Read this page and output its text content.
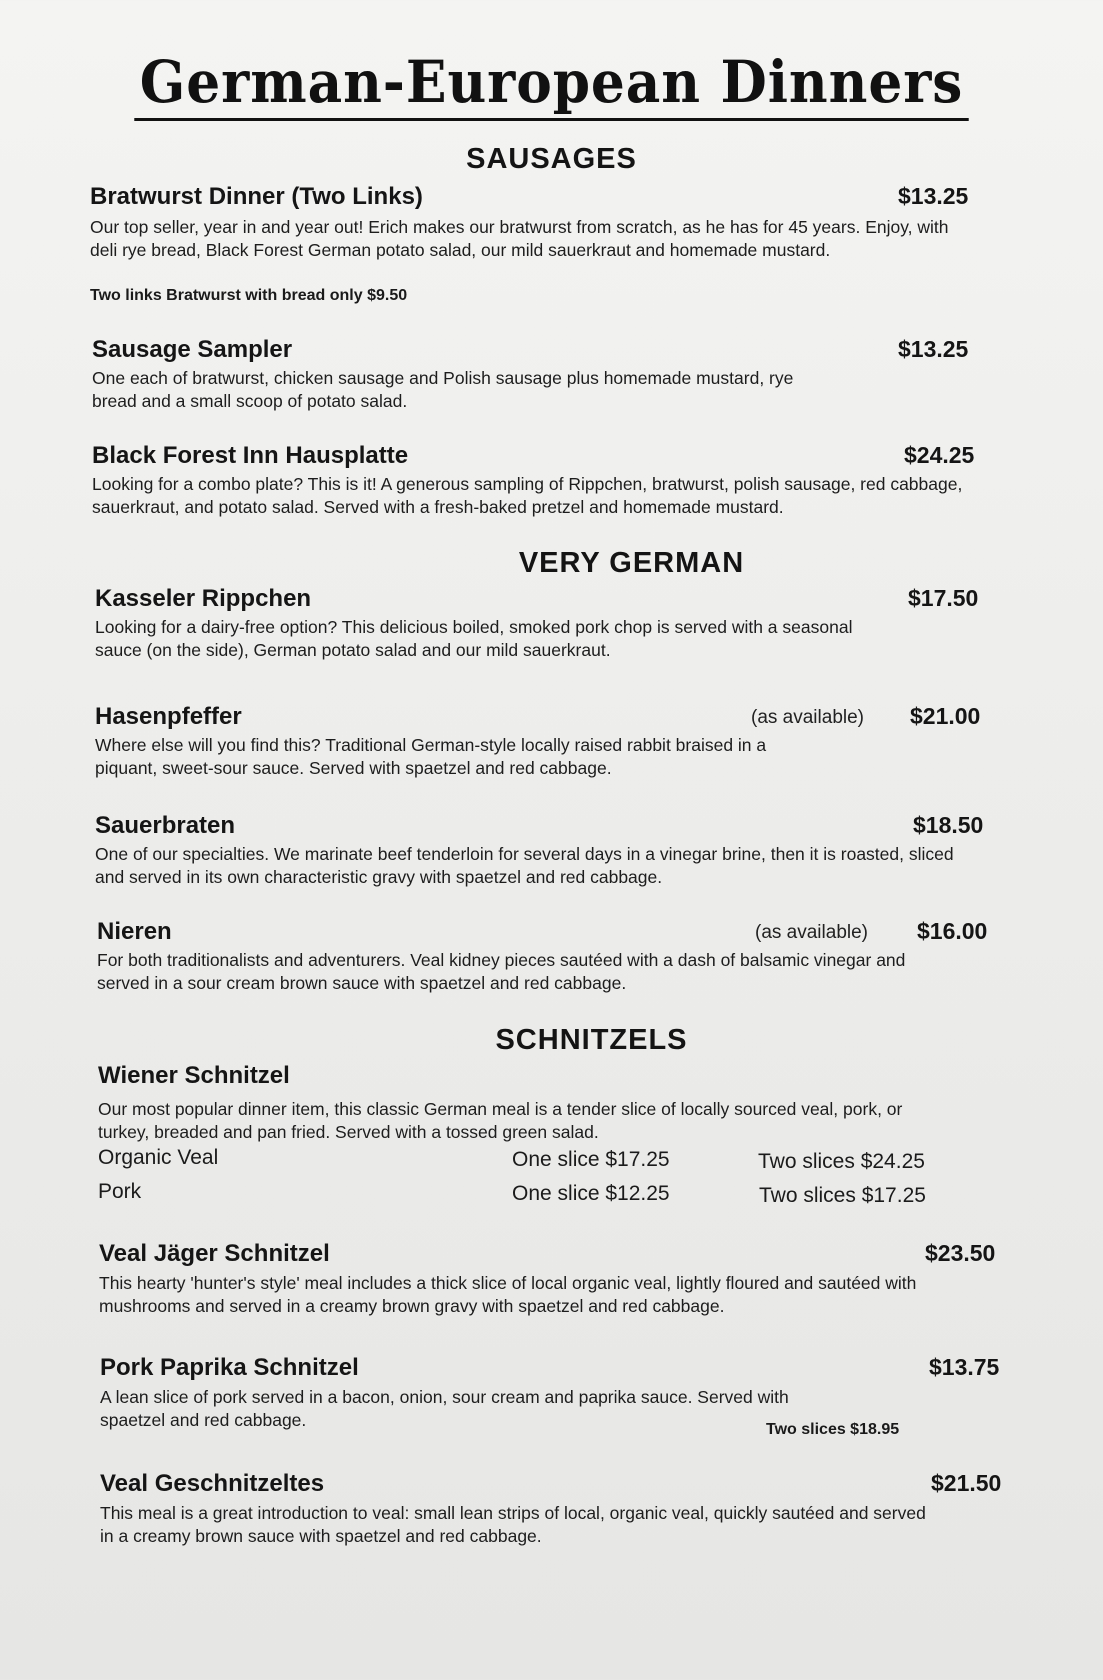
German-European Dinners
SAUSAGES
Bratwurst Dinner (Two Links)	$13.25
Our top seller, year in and year out! Erich makes our bratwurst from scratch, as he has for 45 years. Enjoy, with deli rye bread, Black Forest German potato salad, our mild sauerkraut and homemade mustard.
Two links Bratwurst with bread only $9.50
Sausage Sampler	$13.25
One each of bratwurst, chicken sausage and Polish sausage plus homemade mustard, rye bread and a small scoop of potato salad.
Black Forest Inn Hausplatte	$24.25
Looking for a combo plate? This is it! A generous sampling of Rippchen, bratwurst, polish sausage, red cabbage, sauerkraut, and potato salad. Served with a fresh-baked pretzel and homemade mustard.
VERY GERMAN
Kasseler Rippchen	$17.50
Looking for a dairy-free option? This delicious boiled, smoked pork chop is served with a seasonal sauce (on the side), German potato salad and our mild sauerkraut.
Hasenpfeffer	(as available) $21.00
Where else will you find this? Traditional German-style locally raised rabbit braised in a piquant, sweet-sour sauce. Served with spaetzel and red cabbage.
Sauerbraten	$18.50
One of our specialties. We marinate beef tenderloin for several days in a vinegar brine, then it is roasted, sliced and served in its own characteristic gravy with spaetzel and red cabbage.
Nieren	(as available) $16.00
For both traditionalists and adventurers. Veal kidney pieces sautéed with a dash of balsamic vinegar and served in a sour cream brown sauce with spaetzel and red cabbage.
SCHNITZELS
Wiener Schnitzel
Our most popular dinner item, this classic German meal is a tender slice of locally sourced veal, pork, or turkey, breaded and pan fried. Served with a tossed green salad.
Organic Veal	One slice $17.25	Two slices $24.25
Pork	One slice $12.25	Two slices $17.25
Veal Jäger Schnitzel	$23.50
This hearty 'hunter's style' meal includes a thick slice of local organic veal, lightly floured and sautéed with mushrooms and served in a creamy brown gravy with spaetzel and red cabbage.
Pork Paprika Schnitzel	$13.75
A lean slice of pork served in a bacon, onion, sour cream and paprika sauce. Served with spaetzel and red cabbage.	Two slices $18.95
Veal Geschnitzeltes	$21.50
This meal is a great introduction to veal: small lean strips of local, organic veal, quickly sautéed and served in a creamy brown sauce with spaetzel and red cabbage.
